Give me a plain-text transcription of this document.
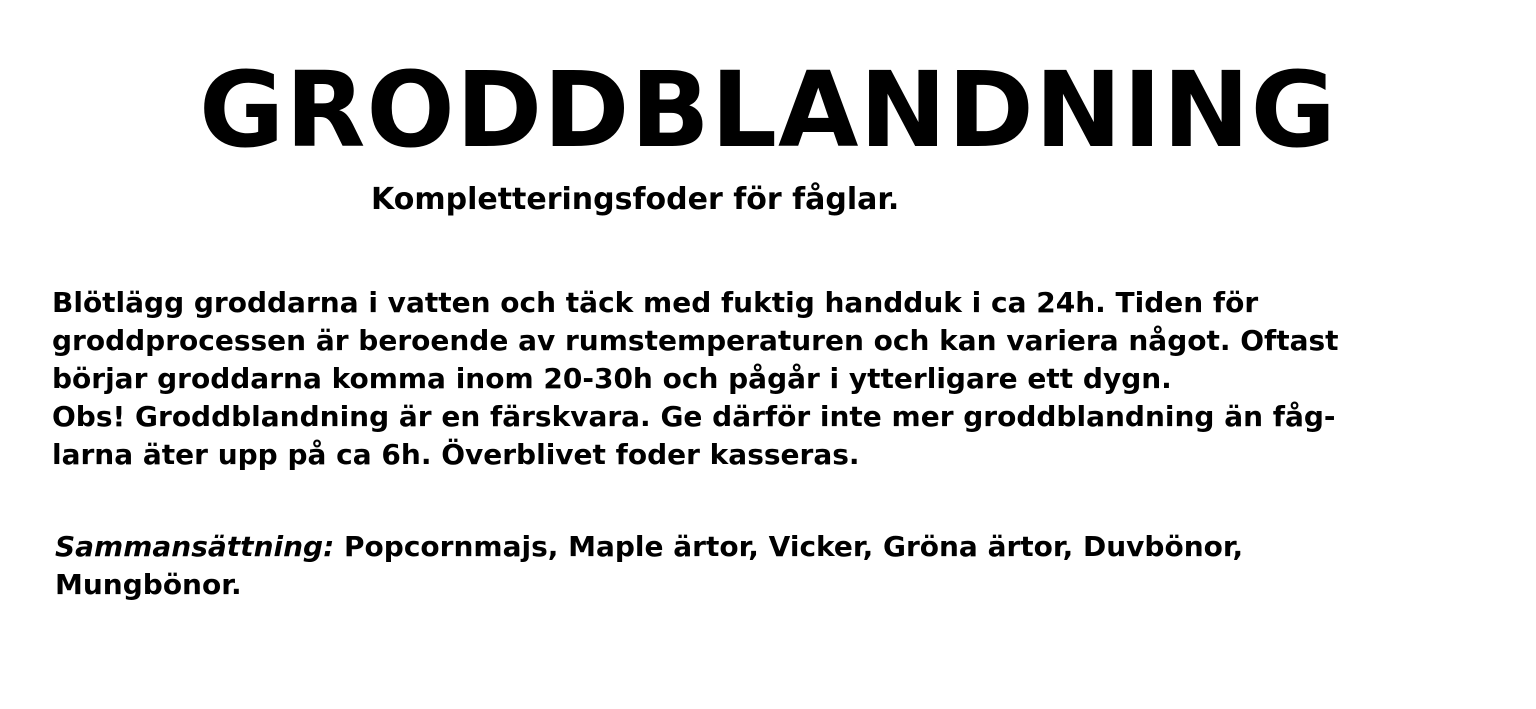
GRODDBLANDNING
Kompletteringsfoder för fåglar.
Blötlägg groddarna i vatten och täck med fuktig handduk i ca 24h. Tiden för
groddprocessen är beroende av rumstemperaturen och kan variera något. Oftast
börjar groddarna komma inom 20-30h och pågår i ytterligare ett dygn.
Obs! Groddblandning är en färskvara. Ge därför inte mer groddblandning än fåg-
larna äter upp på ca 6h. Överblivet foder kasseras.
Sammansättning: Popcornmajs, Maple ärtor, Vicker, Gröna ärtor, Duvbönor,
Mungbönor.
